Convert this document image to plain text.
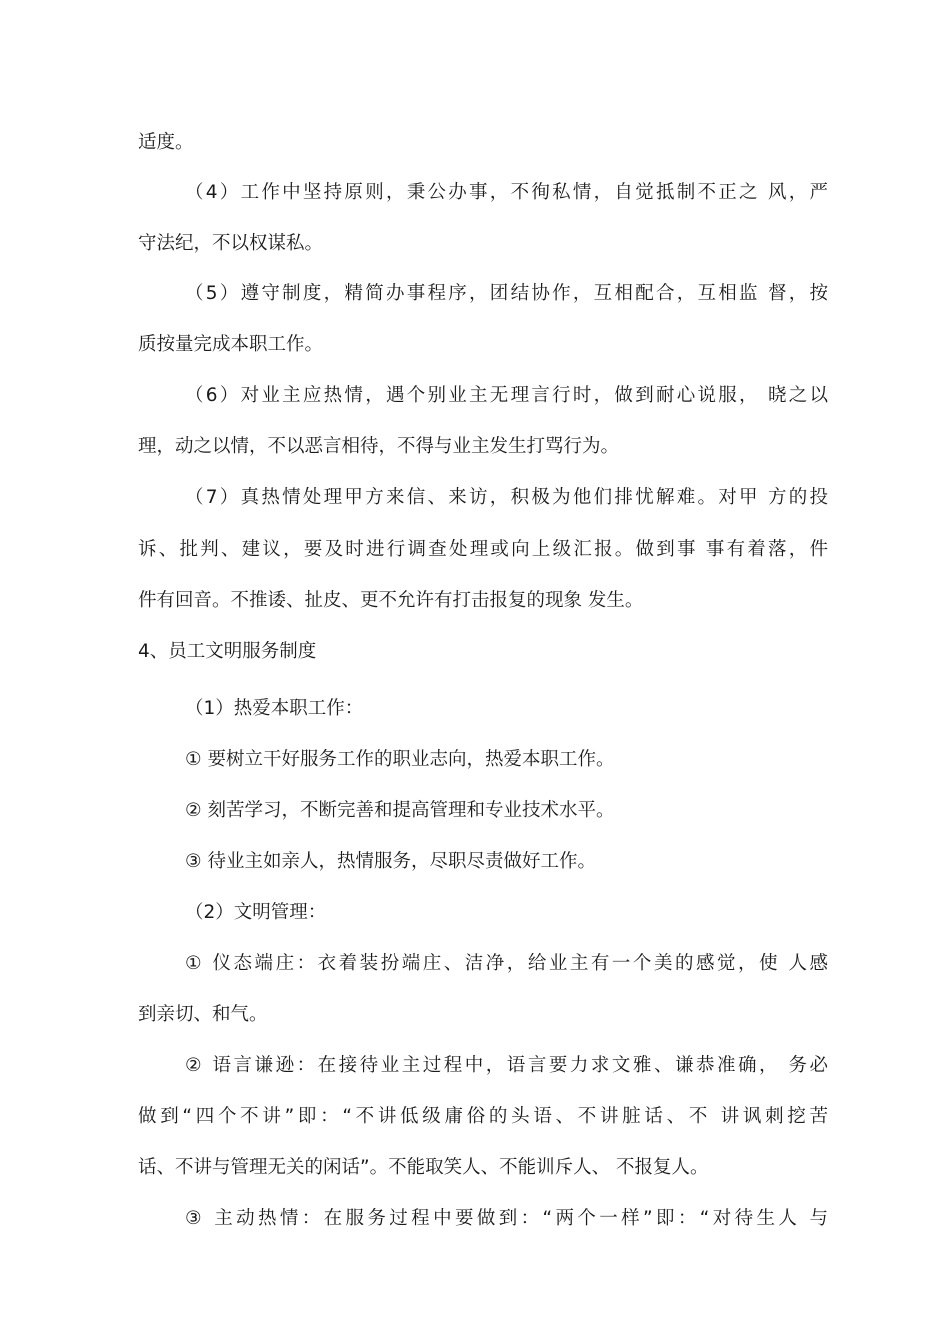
适度。
（4）工作中坚持原则，秉公办事，不徇私情，自觉抵制不正之 风，严
守法纪，不以权谋私。
（5）遵守制度，精简办事程序，团结协作，互相配合，互相监 督，按
质按量完成本职工作。
（6）对业主应热情，遇个别业主无理言行时，做到耐心说服， 晓之以
理，动之以情，不以恶言相待，不得与业主发生打骂行为。
（7）真热情处理甲方来信、来访，积极为他们排忧解难。对甲 方的投
诉、批判、建议，要及时进行调查处理或向上级汇报。做到事 事有着落，件
件有回音。不推诿、扯皮、更不允许有打击报复的现象 发生。
4、员工文明服务制度
（1）热爱本职工作：
① 要树立干好服务工作的职业志向，热爱本职工作。
② 刻苦学习，不断完善和提高管理和专业技术水平。
③ 待业主如亲人，热情服务，尽职尽责做好工作。
（2）文明管理：
① 仪态端庄：衣着装扮端庄、洁净，给业主有一个美的感觉，使 人感
到亲切、和气。
② 语言谦逊：在接待业主过程中，语言要力求文雅、谦恭准确， 务必
做到“四个不讲”即：“不讲低级庸俗的头语、不讲脏话、不 讲讽刺挖苦
话、不讲与管理无关的闲话”。不能取笑人、不能训斥人、 不报复人。
③ 主动热情：在服务过程中要做到：“两个一样”即：“对待生人 与
